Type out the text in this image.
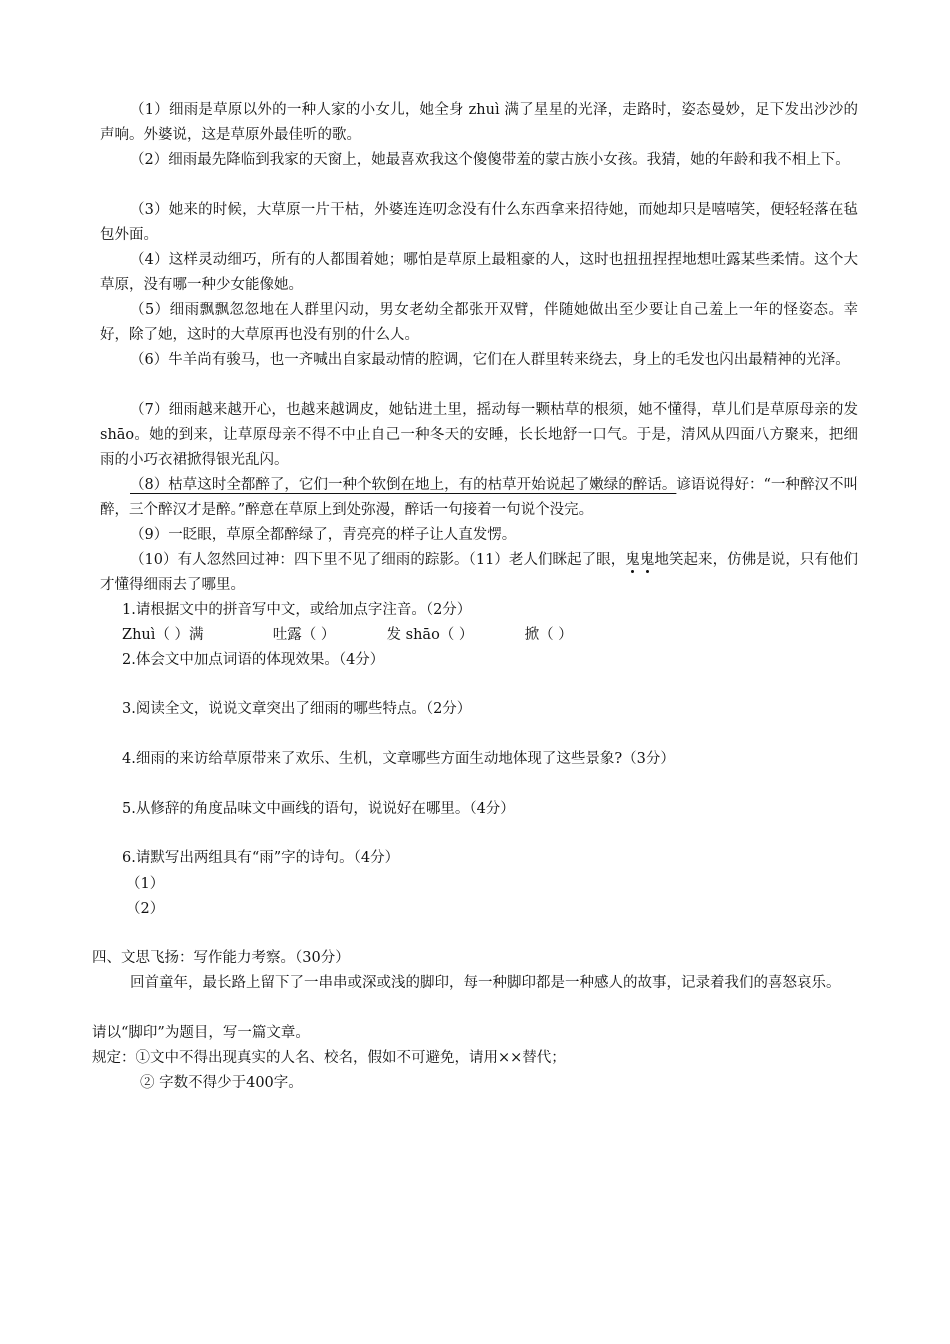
（1）细雨是草原以外的一种人家的小女儿，她全身 zhuì 满了星星的光泽，走路时，姿态曼妙，足下发出沙沙的声响。外婆说，这是草原外最佳听的歌。
（2）细雨最先降临到我家的天窗上，她最喜欢我这个傻傻带羞的蒙古族小女孩。我猜，她的年龄和我不相上下。
（3）她来的时候，大草原一片干枯，外婆连连叨念没有什么东西拿来招待她，而她却只是嘻嘻笑，便轻轻落在毡包外面。
（4）这样灵动细巧，所有的人都围着她；哪怕是草原上最粗豪的人，这时也扭扭捏捏地想吐露某些柔情。这个大草原，没有哪一种少女能像她。
（5）细雨飘飘忽忽地在人群里闪动，男女老幼全都张开双臂，伴随她做出至少要让自己羞上一年的怪姿态。幸好，除了她，这时的大草原再也没有别的什么人。
（6）牛羊尚有骏马，也一齐喊出自家最动情的腔调，它们在人群里转来绕去，身上的毛发也闪出最精神的光泽。
（7）细雨越来越开心，也越来越调皮，她钻进土里，摇动每一颗枯草的根须，她不懂得，草儿们是草原母亲的发 shāo。她的到来，让草原母亲不得不中止自己一种冬天的安睡，长长地舒一口气。于是，清风从四面八方聚来，把细雨的小巧衣裙掀得银光乱闪。
（8）枯草这时全都醉了，它们一种个软倒在地上，有的枯草开始说起了嫩绿的醉话。谚语说得好：“一种醉汉不叫醉，三个醉汉才是醉。”醉意在草原上到处弥漫，醉话一句接着一句说个没完。
（9）一眨眼，草原全都醉绿了，青亮亮的样子让人直发愣。
（10）有人忽然回过神：四下里不见了细雨的踪影。（11）老人们眯起了眼，鬼鬼地笑起来，仿佛是说，只有他们才懂得细雨去了哪里。
1.请根据文中的拼音写中文，或给加点字注音。（2分）
Zhuì（ ）满	吐露（ ）	发 shāo（ ）	掀（ ）
2.体会文中加点词语的体现效果。（4分）
3.阅读全文，说说文章突出了细雨的哪些特点。（2分）
4.细雨的来访给草原带来了欢乐、生机，文章哪些方面生动地体现了这些景象?（3分）
5.从修辞的角度品味文中画线的语句，说说好在哪里。（4分）
6.请默写出两组具有“雨”字的诗句。（4分）
（1）
（2）
四、文思飞扬：写作能力考察。（30分）
回首童年，最长路上留下了一串串或深或浅的脚印，每一种脚印都是一种感人的故事，记录着我们的喜怒哀乐。
请以“脚印”为题目，写一篇文章。
规定：①文中不得出现真实的人名、校名，假如不可避免，请用××替代；
② 字数不得少于400字。
